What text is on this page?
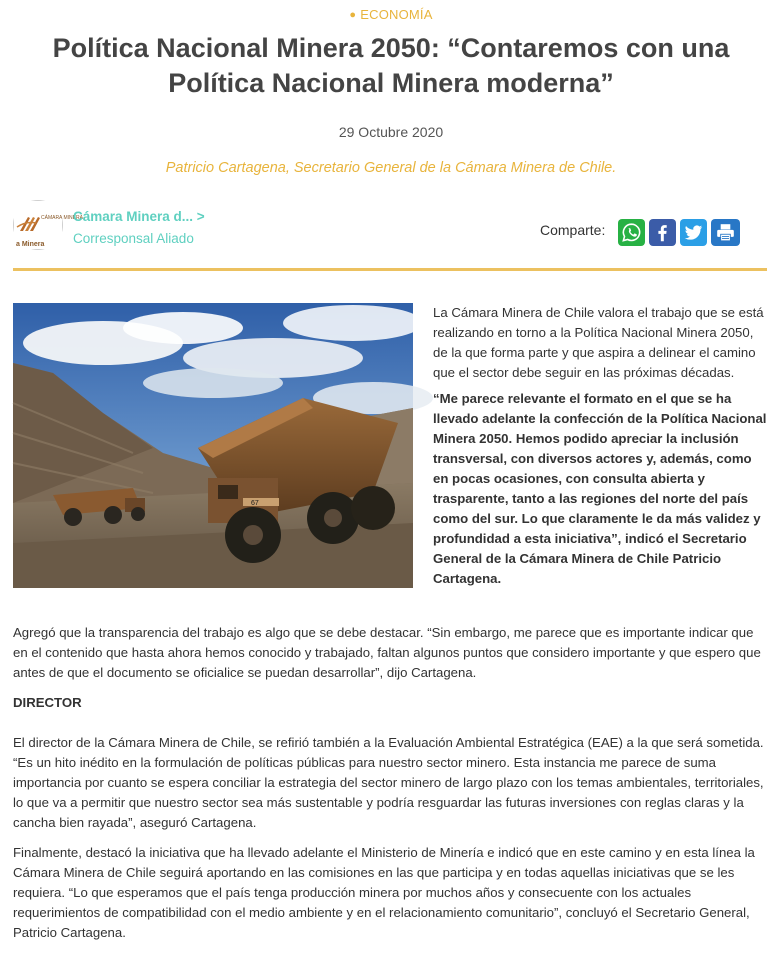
● ECONOMÍA
Política Nacional Minera 2050: “Contaremos con una Política Nacional Minera moderna”
29 Octubre 2020
Patricio Cartagena, Secretario General de la Cámara Minera de Chile.
CÁMARA MINERA
a Minera
Cámara Minera d... >
Corresponsal Aliado
Comparte:
67

La Cámara Minera de Chile valora el trabajo que se está realizando en torno a la Política Nacional Minera 2050, de la que forma parte y que aspira a delinear el camino que el sector debe seguir en las próximas décadas.

“Me parece relevante el formato en el que se ha llevado adelante la confección de la Política Nacional Minera 2050. Hemos podido apreciar la inclusión transversal, con diversos actores y, además, como en pocas ocasiones, con consulta abierta y trasparente, tanto a las regiones del norte del país como del sur. Lo que claramente le da más validez y profundidad a esta iniciativa”, indicó el Secretario General de la Cámara Minera de Chile Patricio Cartagena.

Agregó que la transparencia del trabajo es algo que se debe destacar. “Sin embargo, me parece que es importante indicar que en el contenido que hasta ahora hemos conocido y trabajado, faltan algunos puntos que considero importante y que espero que antes de que el documento se oficialice se puedan desarrollar”, dijo Cartagena.

DIRECTOR

El director de la Cámara Minera de Chile, se refirió también a la Evaluación Ambiental Estratégica (EAE) a la que será sometida. “Es un hito inédito en la formulación de políticas públicas para nuestro sector minero. Esta instancia me parece de suma importancia por cuanto se espera conciliar la estrategia del sector minero de largo plazo con los temas ambientales, territoriales, lo que va a permitir que nuestro sector sea más sustentable y podría resguardar las futuras inversiones con reglas claras y la cancha bien rayada”, aseguró Cartagena.

Finalmente, destacó la iniciativa que ha llevado adelante el Ministerio de Minería e indicó que en este camino y en esta línea la Cámara Minera de Chile seguirá aportando en las comisiones en las que participa y en todas aquellas iniciativas que se les requiera. “Lo que esperamos que el país tenga producción minera por muchos años y consecuente con los actuales requerimientos de compatibilidad con el medio ambiente y en el relacionamiento comunitario”, concluyó el Secretario General, Patricio Cartagena.
